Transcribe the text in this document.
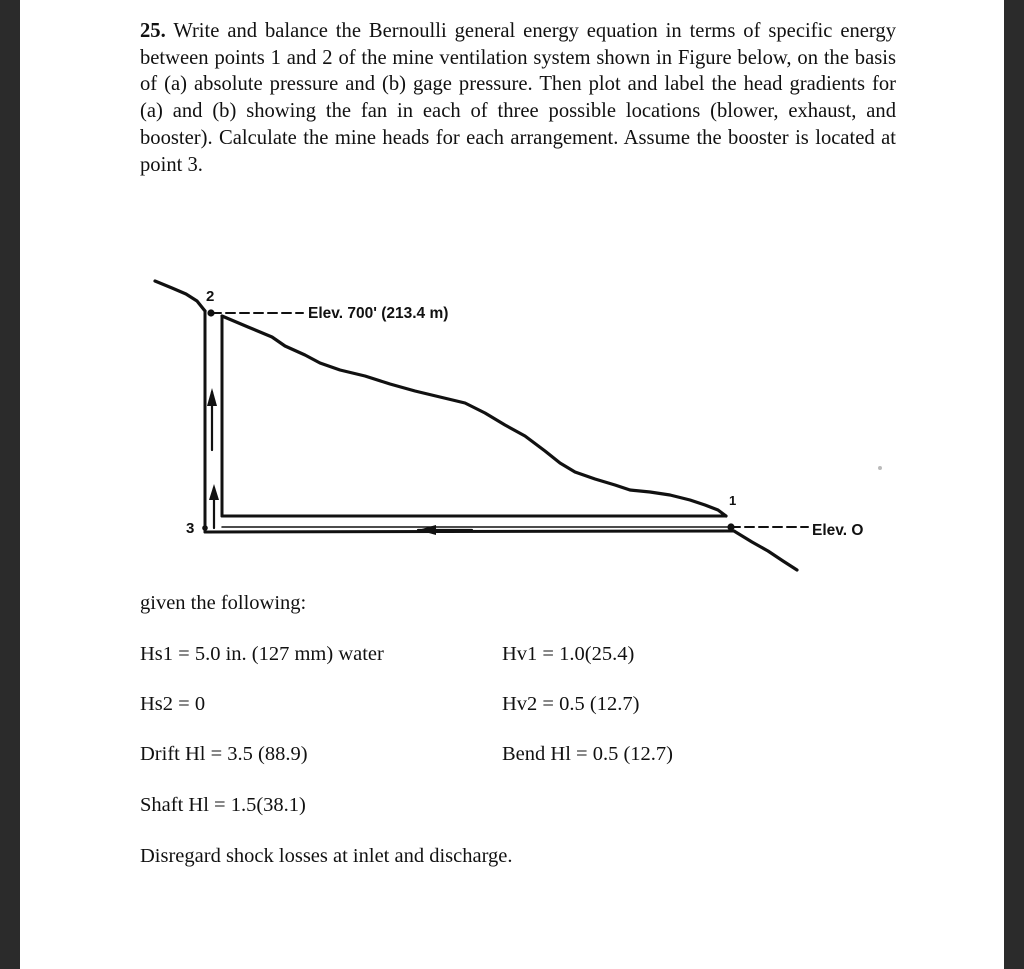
25. Write and balance the Bernoulli general energy equation in terms of specific energy between points 1 and 2 of the mine ventilation system shown in Figure below, on the basis of (a) absolute pressure and (b) gage pressure. Then plot and label the head gradients for (a) and (b) showing the fan in each of three possible locations (blower, exhaust, and booster). Calculate the mine heads for each arrangement. Assume the booster is located at point 3.

2
3
1
Elev. 700' (213.4 m)
Elev. O

given the following:

Hs1 = 5.0 in. (127 mm) water	Hv1 = 1.0(25.4)

Hs2 = 0	Hv2 = 0.5 (12.7)

Drift Hl = 3.5 (88.9)	Bend Hl = 0.5 (12.7)

Shaft Hl = 1.5(38.1)

Disregard shock losses at inlet and discharge.
